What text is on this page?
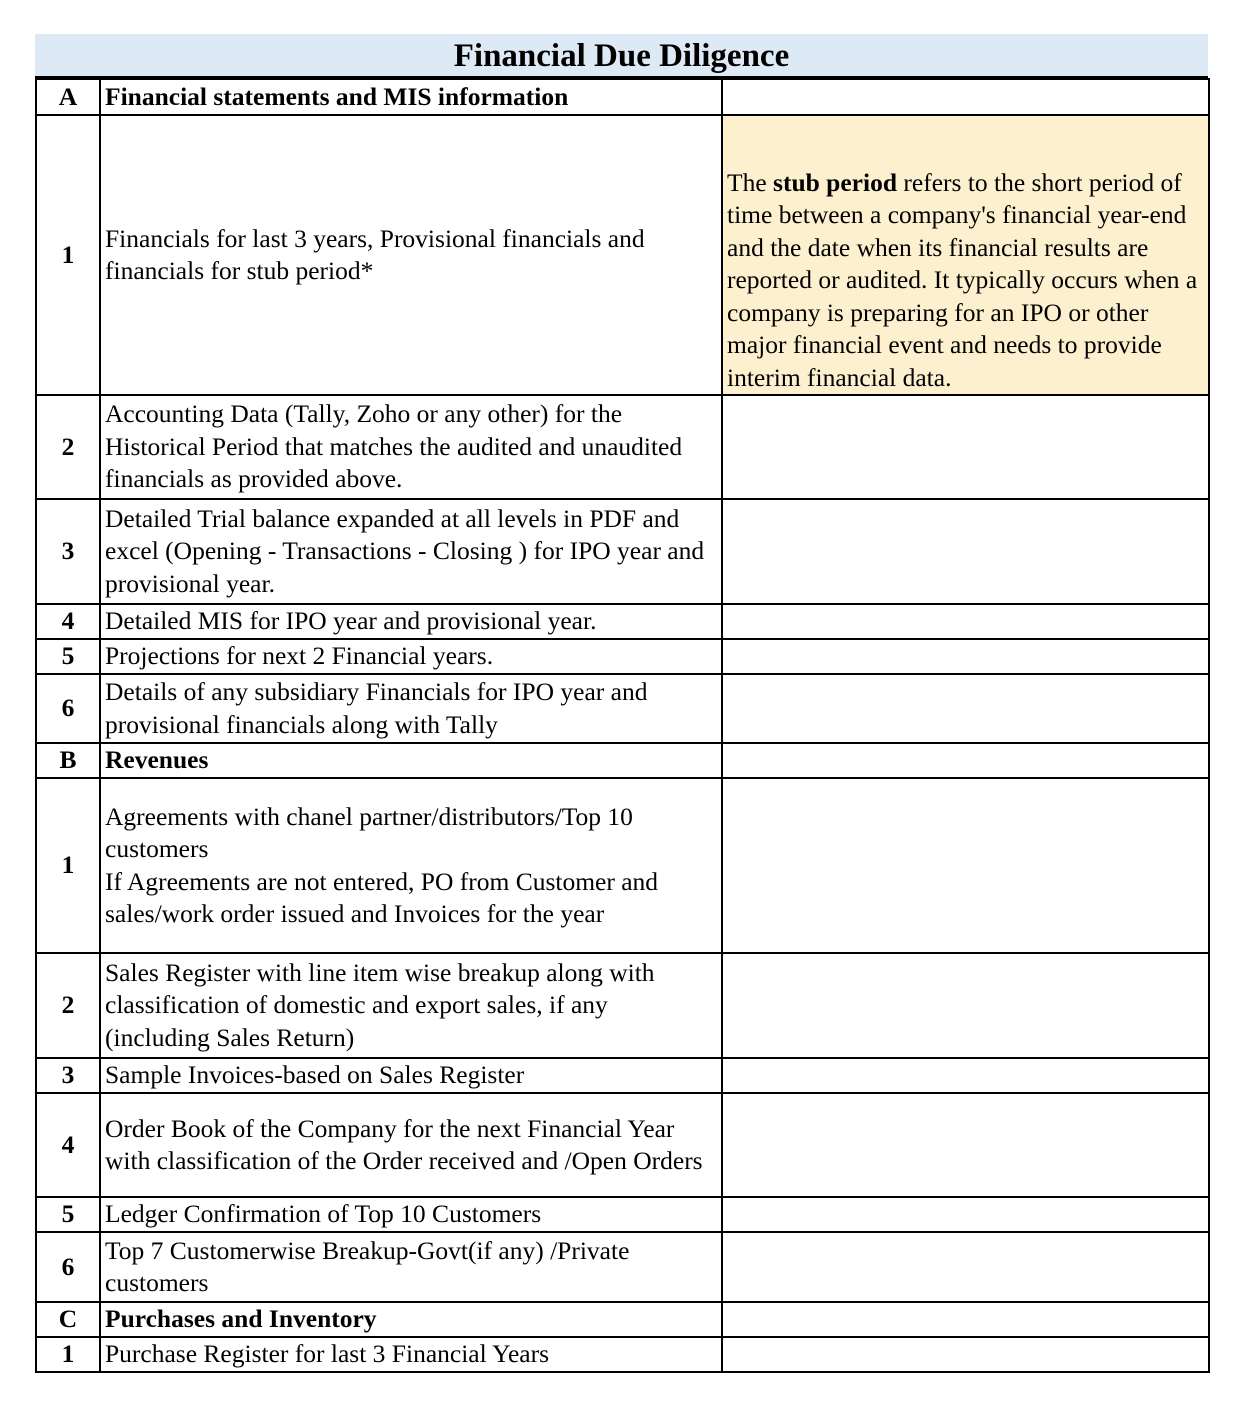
Financial Due Diligence
A	Financial statements and MIS information	
1	Financials for last 3 years, Provisional financials and financials for stub period*	The stub period refers to the short period of time between a company's financial year-end and the date when its financial results are reported or audited. It typically occurs when a company is preparing for an IPO or other major financial event and needs to provide interim financial data.
2	Accounting Data (Tally, Zoho or any other) for the Historical Period that matches the audited and unaudited financials as provided above.	
3	Detailed Trial balance expanded at all levels in PDF and excel (Opening - Transactions - Closing ) for IPO year and provisional year.	
4	Detailed MIS for IPO year and provisional year.	
5	Projections for next 2 Financial years.	
6	Details of any subsidiary Financials for IPO year and provisional financials along with Tally	
B	Revenues	
1	Agreements with chanel partner/distributors/Top 10 customers
If Agreements are not entered, PO from Customer and sales/work order issued and Invoices for the year	
2	Sales Register with line item wise breakup along with classification of domestic and export sales, if any (including Sales Return)	
3	Sample Invoices-based on Sales Register	
4	Order Book of the Company for the next Financial Year with classification of the Order received and /Open Orders	
5	Ledger Confirmation of Top 10 Customers	
6	Top 7 Customerwise Breakup-Govt(if any) /Private customers	
C	Purchases and Inventory	
1	Purchase Register for last 3 Financial Years	
